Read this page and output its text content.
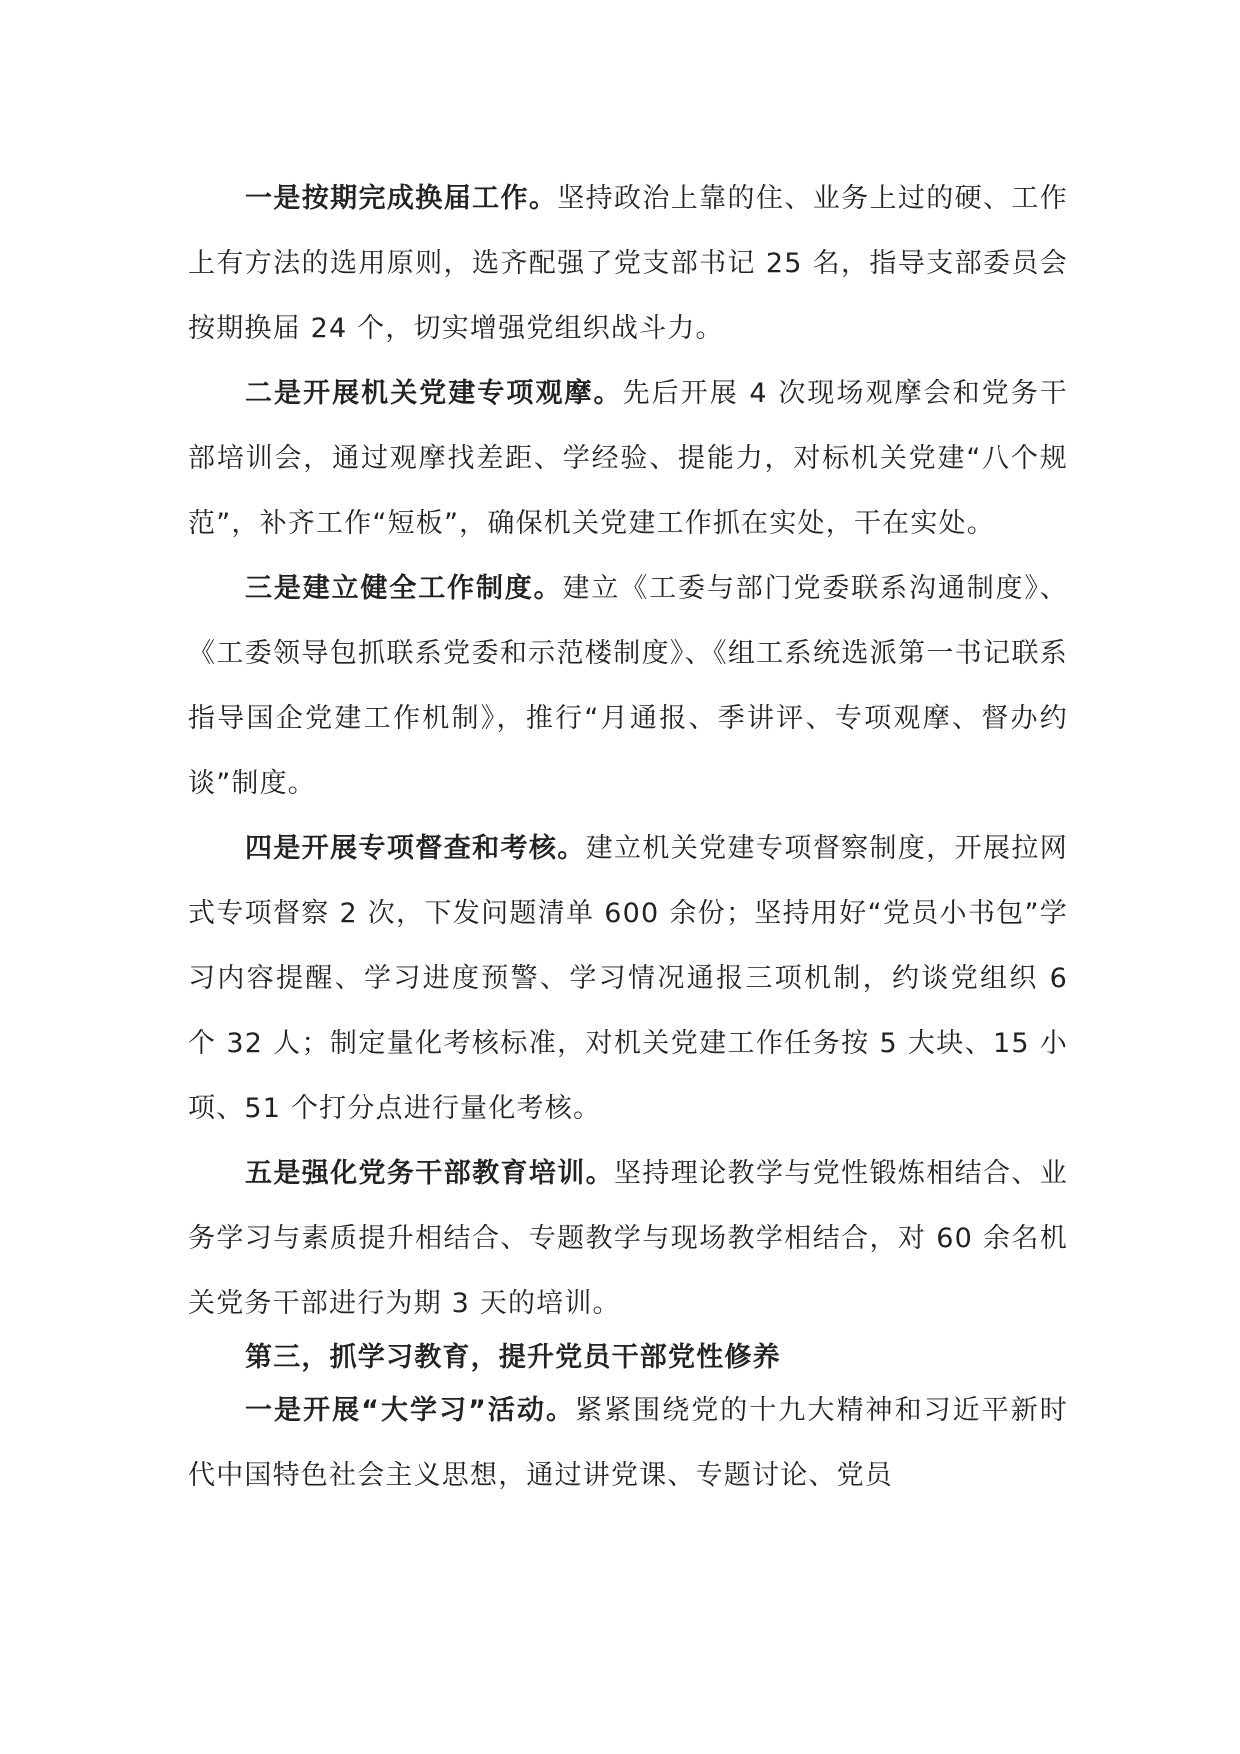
一是按期完成换届工作。坚持政治上靠的住、业务上过的硬、工作上有方法的选用原则，选齐配强了党支部书记 25 名，指导支部委员会按期换届 24 个，切实增强党组织战斗力。

二是开展机关党建专项观摩。先后开展 4 次现场观摩会和党务干部培训会，通过观摩找差距、学经验、提能力，对标机关党建“八个规范”，补齐工作“短板”，确保机关党建工作抓在实处，干在实处。

三是建立健全工作制度。建立《工委与部门党委联系沟通制度》、《工委领导包抓联系党委和示范楼制度》、《组工系统选派第一书记联系指导国企党建工作机制》，推行“月通报、季讲评、专项观摩、督办约谈”制度。

四是开展专项督查和考核。建立机关党建专项督察制度，开展拉网式专项督察 2 次，下发问题清单 600 余份；坚持用好“党员小书包”学习内容提醒、学习进度预警、学习情况通报三项机制，约谈党组织 6 个 32 人；制定量化考核标准，对机关党建工作任务按 5 大块、15 小项、51 个打分点进行量化考核。

五是强化党务干部教育培训。坚持理论教学与党性锻炼相结合、业务学习与素质提升相结合、专题教学与现场教学相结合，对 60 余名机关党务干部进行为期 3 天的培训。

第三，抓学习教育，提升党员干部党性修养

一是开展“大学习”活动。紧紧围绕党的十九大精神和习近平新时代中国特色社会主义思想，通过讲党课、专题讨论、党员
